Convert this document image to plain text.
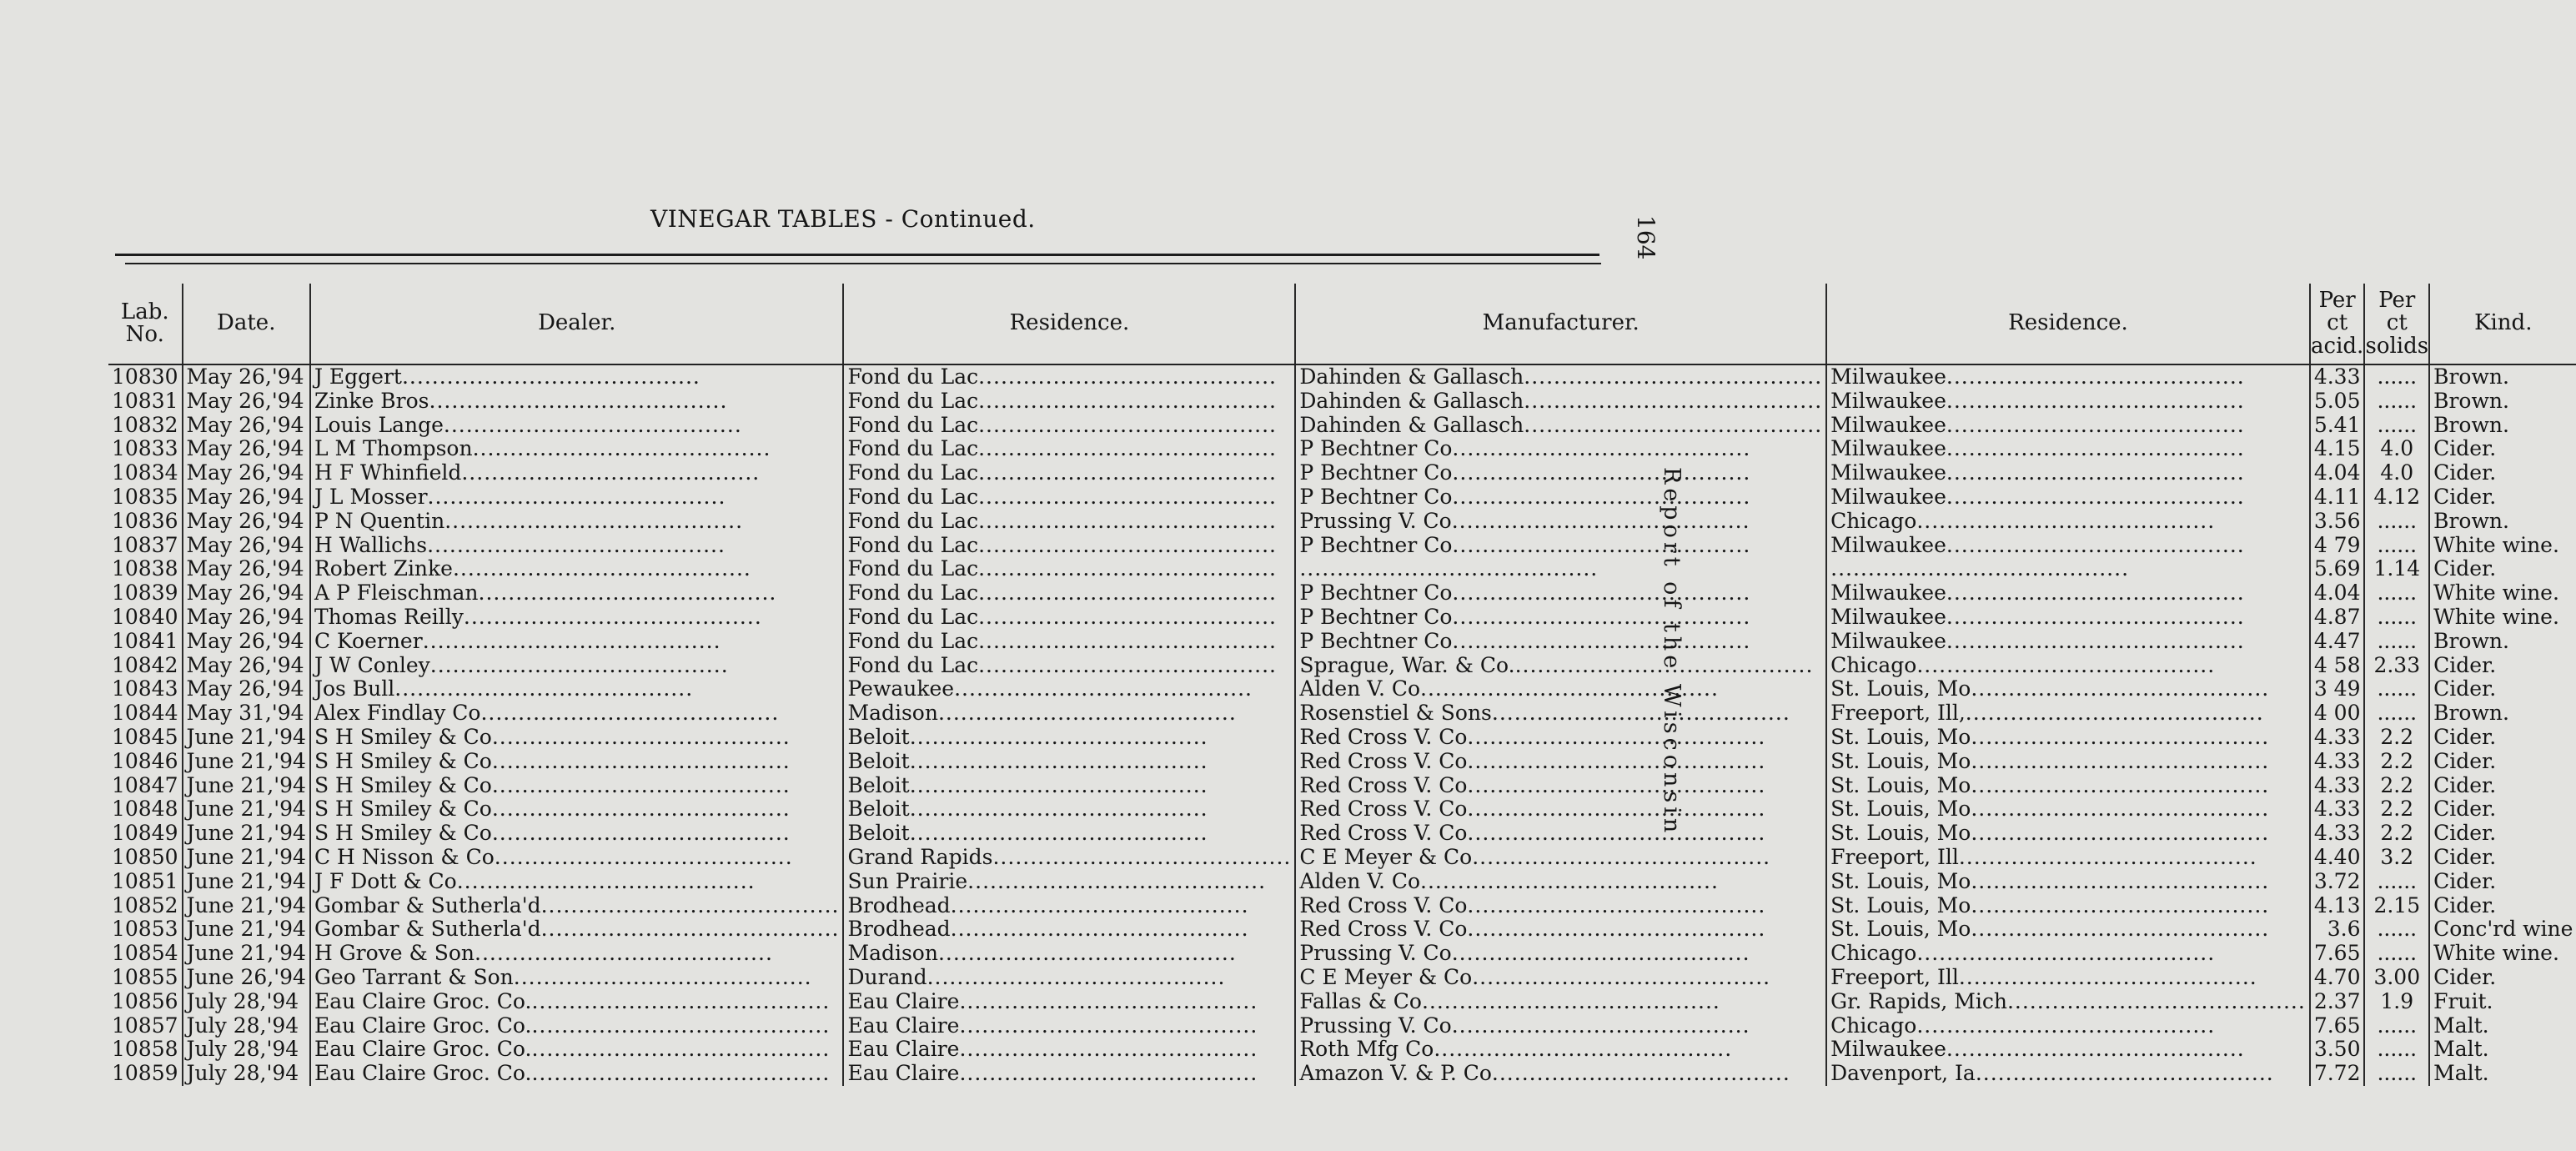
VINEGAR TABLES - Continued.	164
Report of the Wisconsin
Lab. No.	Date.	Dealer.	Residence.	Manufacturer.	Residence.	Per ct acid.	Per ct solids	Kind.
10830	May 26,'94	J Eggert .....	Fond du Lac .....	Dahinden & Gallasch .....	Milwaukee .....	4.33	......	Brown.
10831	May 26,'94	Zinke Bros .....	Fond du Lac .....	Dahinden & Gallasch .....	Milwaukee .....	5.05	......	Brown.
10832	May 26,'94	Louis Lange .....	Fond du Lac .....	Dahinden & Gallasch .....	Milwaukee .....	5.41	......	Brown.
10833	May 26,'94	L M Thompson .....	Fond du Lac .....	P Bechtner Co .....	Milwaukee .....	4.15	4.0	Cider.
10834	May 26,'94	H F Whinfield .....	Fond du Lac .....	P Bechtner Co .....	Milwaukee .....	4.04	4.0	Cider.
10835	May 26,'94	J L Mosser .....	Fond du Lac .....	P Bechtner Co .....	Milwaukee .....	4.11	4.12	Cider.
10836	May 26,'94	P N Quentin .....	Fond du Lac .....	Prussing V. Co .....	Chicago .....	3.56	......	Brown.
10837	May 26,'94	H Wallichs .....	Fond du Lac .....	P Bechtner Co .....	Milwaukee .....	4 79	......	White wine.
10838	May 26,'94	Robert Zinke .....	Fond du Lac .....	.....	.....	5.69	1.14	Cider.
10839	May 26,'94	A P Fleischman .....	Fond du Lac .....	P Bechtner Co .....	Milwaukee .....	4.04	......	White wine.
10840	May 26,'94	Thomas Reilly .....	Fond du Lac .....	P Bechtner Co .....	Milwaukee .....	4.87	......	White wine.
10841	May 26,'94	C Koerner .....	Fond du Lac .....	P Bechtner Co .....	Milwaukee .....	4.47	......	Brown.
10842	May 26,'94	J W Conley .....	Fond du Lac .....	Sprague, War. & Co. .....	Chicago .....	4 58	2.33	Cider.
10843	May 26,'94	Jos Bull .....	Pewaukee .....	Alden V. Co .....	St. Louis, Mo .....	3 49	......	Cider.
10844	May 31,'94	Alex Findlay Co .....	Madison .....	Rosenstiel & Sons .....	Freeport, Ill, .....	4 00	......	Brown.
10845	June 21,'94	S H Smiley & Co .....	Beloit .....	Red Cross V. Co .....	St. Louis, Mo .....	4.33	2.2	Cider.
10846	June 21,'94	S H Smiley & Co .....	Beloit .....	Red Cross V. Co .....	St. Louis, Mo .....	4.33	2.2	Cider.
10847	June 21,'94	S H Smiley & Co .....	Beloit .....	Red Cross V. Co .....	St. Louis, Mo .....	4.33	2.2	Cider.
10848	June 21,'94	S H Smiley & Co .....	Beloit .....	Red Cross V. Co .....	St. Louis, Mo .....	4.33	2.2	Cider.
10849	June 21,'94	S H Smiley & Co .....	Beloit .....	Red Cross V. Co .....	St. Louis, Mo .....	4.33	2.2	Cider.
10850	June 21,'94	C H Nisson & Co .....	Grand Rapids .....	C E Meyer & Co .....	Freeport, Ill .....	4.40	3.2	Cider.
10851	June 21,'94	J F Dott & Co .....	Sun Prairie .....	Alden V. Co .....	St. Louis, Mo .....	3.72	......	Cider.
10852	June 21,'94	Gombar & Sutherla'd .....	Brodhead .....	Red Cross V. Co .....	St. Louis, Mo .....	4.13	2.15	Cider.
10853	June 21,'94	Gombar & Sutherla'd .....	Brodhead .....	Red Cross V. Co .....	St. Louis, Mo .....	3.6	......	Conc'rd wine
10854	June 21,'94	H Grove & Son .....	Madison .....	Prussing V. Co .....	Chicago .....	7.65	......	White wine.
10855	June 26,'94	Geo Tarrant & Son .....	Durand .....	C E Meyer & Co .....	Freeport, Ill .....	4.70	3.00	Cider.
10856	July 28,'94	Eau Claire Groc. Co. .....	Eau Claire .....	Fallas & Co .....	Gr. Rapids, Mich .....	2.37	1.9	Fruit.
10857	July 28,'94	Eau Claire Groc. Co. .....	Eau Claire .....	Prussing V. Co .....	Chicago .....	7.65	......	Malt.
10858	July 28,'94	Eau Claire Groc. Co. .....	Eau Claire .....	Roth Mfg Co .....	Milwaukee .....	3.50	......	Malt.
10859	July 28,'94	Eau Claire Groc. Co. .....	Eau Claire .....	Amazon V. & P. Co .....	Davenport, Ia .....	7.72	......	Malt.
